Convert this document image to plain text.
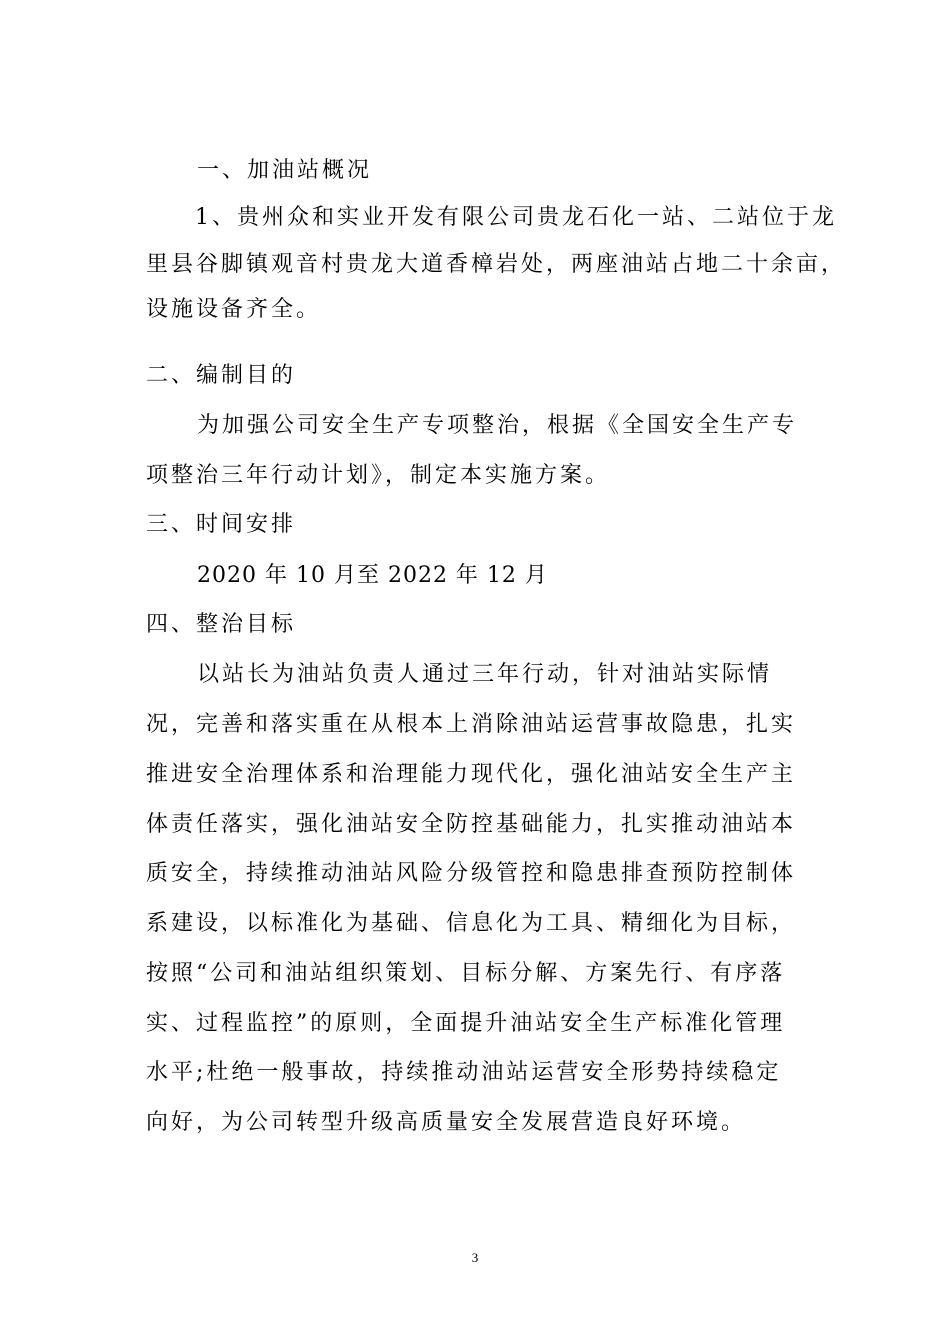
一、加油站概况
1、贵州众和实业开发有限公司贵龙石化一站、二站位于龙
里县谷脚镇观音村贵龙大道香樟岩处，两座油站占地二十余亩，
设施设备齐全。
二、编制目的
为加强公司安全生产专项整治，根据《全国安全生产专
项整治三年行动计划》，制定本实施方案。
三、时间安排
2020 年 10 月至 2022 年 12 月
四、整治目标
以站长为油站负责人通过三年行动，针对油站实际情
况，完善和落实重在从根本上消除油站运营事故隐患，扎实
推进安全治理体系和治理能力现代化，强化油站安全生产主
体责任落实，强化油站安全防控基础能力，扎实推动油站本
质安全，持续推动油站风险分级管控和隐患排查预防控制体
系建设，以标准化为基础、信息化为工具、精细化为目标，
按照“公司和油站组织策划、目标分解、方案先行、有序落
实、过程监控”的原则，全面提升油站安全生产标准化管理
水平;杜绝一般事故，持续推动油站运营安全形势持续稳定
向好，为公司转型升级高质量安全发展营造良好环境。
3
